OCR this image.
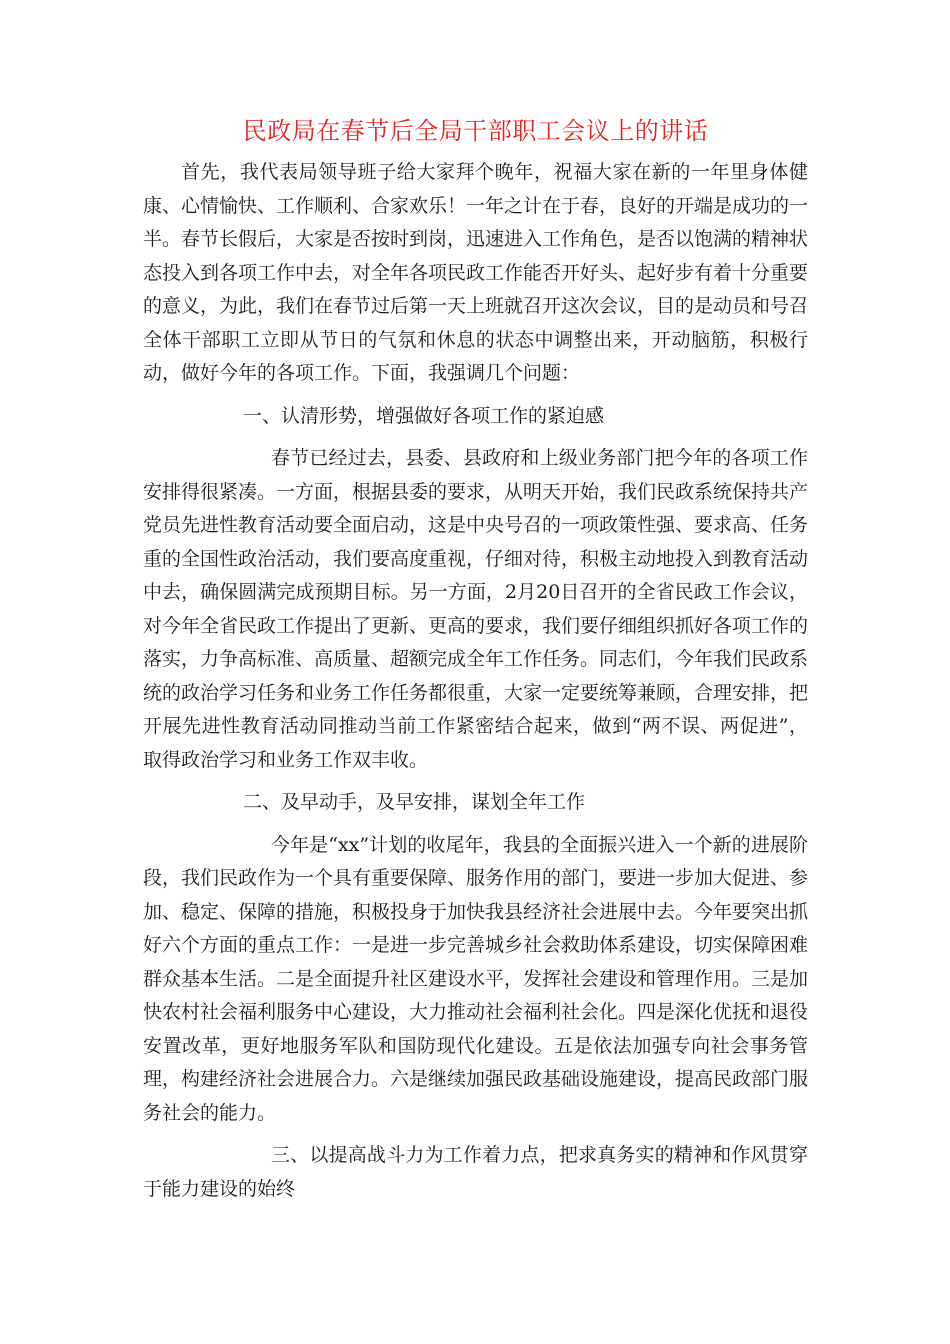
民政局在春节后全局干部职工会议上的讲话

首先，我代表局领导班子给大家拜个晚年，祝福大家在新的一年里身体健康、心情愉快、工作顺利、合家欢乐！一年之计在于春，良好的开端是成功的一半。春节长假后，大家是否按时到岗，迅速进入工作角色，是否以饱满的精神状态投入到各项工作中去，对全年各项民政工作能否开好头、起好步有着十分重要的意义，为此，我们在春节过后第一天上班就召开这次会议，目的是动员和号召全体干部职工立即从节日的气氛和休息的状态中调整出来，开动脑筋，积极行动，做好今年的各项工作。下面，我强调几个问题：

一、认清形势，增强做好各项工作的紧迫感

春节已经过去，县委、县政府和上级业务部门把今年的各项工作安排得很紧凑。一方面，根据县委的要求，从明天开始，我们民政系统保持共产党员先进性教育活动要全面启动，这是中央号召的一项政策性强、要求高、任务重的全国性政治活动，我们要高度重视，仔细对待，积极主动地投入到教育活动中去，确保圆满完成预期目标。另一方面，2月20日召开的全省民政工作会议，对今年全省民政工作提出了更新、更高的要求，我们要仔细组织抓好各项工作的落实，力争高标准、高质量、超额完成全年工作任务。同志们，今年我们民政系统的政治学习任务和业务工作任务都很重，大家一定要统筹兼顾，合理安排，把开展先进性教育活动同推动当前工作紧密结合起来，做到“两不误、两促进”，取得政治学习和业务工作双丰收。

二、及早动手，及早安排，谋划全年工作

今年是“xx”计划的收尾年，我县的全面振兴进入一个新的进展阶段，我们民政作为一个具有重要保障、服务作用的部门，要进一步加大促进、参加、稳定、保障的措施，积极投身于加快我县经济社会进展中去。今年要突出抓好六个方面的重点工作：一是进一步完善城乡社会救助体系建设，切实保障困难群众基本生活。二是全面提升社区建设水平，发挥社会建设和管理作用。三是加快农村社会福利服务中心建设，大力推动社会福利社会化。四是深化优抚和退役安置改革，更好地服务军队和国防现代化建设。五是依法加强专向社会事务管理，构建经济社会进展合力。六是继续加强民政基础设施建设，提高民政部门服务社会的能力。

三、以提高战斗力为工作着力点，把求真务实的精神和作风贯穿于能力建设的始终
